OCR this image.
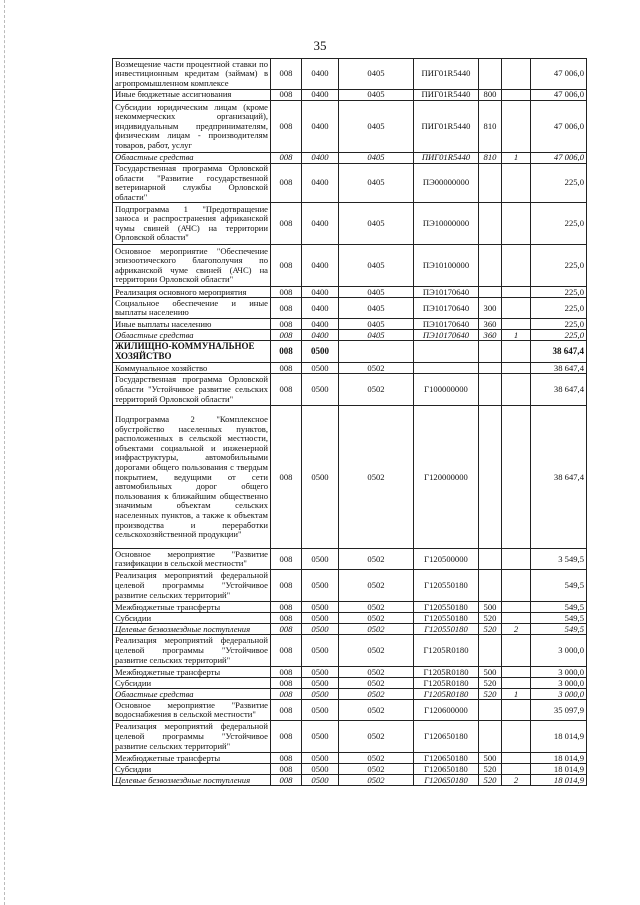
35
Возмещение части процентной ставки по инвестиционным кредитам (займам) в агропромышленном комплексе	008	0400	0405	ПИГ01R5440			47 006,0
Иные бюджетные ассигнования	008	0400	0405	ПИГ01R5440	800		47 006,0
Субсидии юридическим лицам (кроме некоммерческих организаций), индивидуальным предпринимателям, физическим лицам - производителям товаров, работ, услуг	008	0400	0405	ПИГ01R5440	810		47 006,0
Областные средства	008	0400	0405	ПИГ01R5440	810	1	47 006,0
Государственная программа Орловской области "Развитие государственной ветеринарной службы Орловской области"	008	0400	0405	ПЭ00000000			225,0
Подпрограмма 1 "Предотвращение заноса и распространения африканской чумы свиней (АЧС) на территории Орловской области"	008	0400	0405	ПЭ10000000			225,0
Основное мероприятие "Обеспечение эпизоотического благополучия по африканской чуме свиней (АЧС) на территории Орловской области"	008	0400	0405	ПЭ10100000			225,0
Реализация основного мероприятия	008	0400	0405	ПЭ10170640			225,0
Социальное обеспечение и иные выплаты населению	008	0400	0405	ПЭ10170640	300		225,0
Иные выплаты населению	008	0400	0405	ПЭ10170640	360		225,0
Областные средства	008	0400	0405	ПЭ10170640	360	1	225,0
ЖИЛИЩНО-КОММУНАЛЬНОЕ ХОЗЯЙСТВО	008	0500					38 647,4
Коммунальное хозяйство	008	0500	0502				38 647,4
Государственная программа Орловской области "Устойчивое развитие сельских территорий Орловской области"	008	0500	0502	Г100000000			38 647,4
Подпрограмма 2 "Комплексное обустройство населенных пунктов, расположенных в сельской местности, объектами социальной и инженерной инфраструктуры, автомобильными дорогами общего пользования с твердым покрытием, ведущими от сети автомобильных дорог общего пользования к ближайшим общественно значимым объектам сельских населенных пунктов, а также к объектам производства и переработки сельскохозяйственной продукции"	008	0500	0502	Г120000000			38 647,4
Основное мероприятие "Развитие газификации в сельской местности"	008	0500	0502	Г120500000			3 549,5
Реализация мероприятий федеральной целевой программы "Устойчивое развитие сельских территорий"	008	0500	0502	Г120550180			549,5
Межбюджетные трансферты	008	0500	0502	Г120550180	500		549,5
Субсидии	008	0500	0502	Г120550180	520		549,5
Целевые безвозмездные поступления	008	0500	0502	Г120550180	520	2	549,5
Реализация мероприятий федеральной целевой программы "Устойчивое развитие сельских территорий"	008	0500	0502	Г1205R0180			3 000,0
Межбюджетные трансферты	008	0500	0502	Г1205R0180	500		3 000,0
Субсидии	008	0500	0502	Г1205R0180	520		3 000,0
Областные средства	008	0500	0502	Г1205R0180	520	1	3 000,0
Основное мероприятие "Развитие водоснабжения в сельской местности"	008	0500	0502	Г120600000			35 097,9
Реализация мероприятий федеральной целевой программы "Устойчивое развитие сельских территорий"	008	0500	0502	Г120650180			18 014,9
Межбюджетные трансферты	008	0500	0502	Г120650180	500		18 014,9
Субсидии	008	0500	0502	Г120650180	520		18 014,9
Целевые безвозмездные поступления	008	0500	0502	Г120650180	520	2	18 014,9
